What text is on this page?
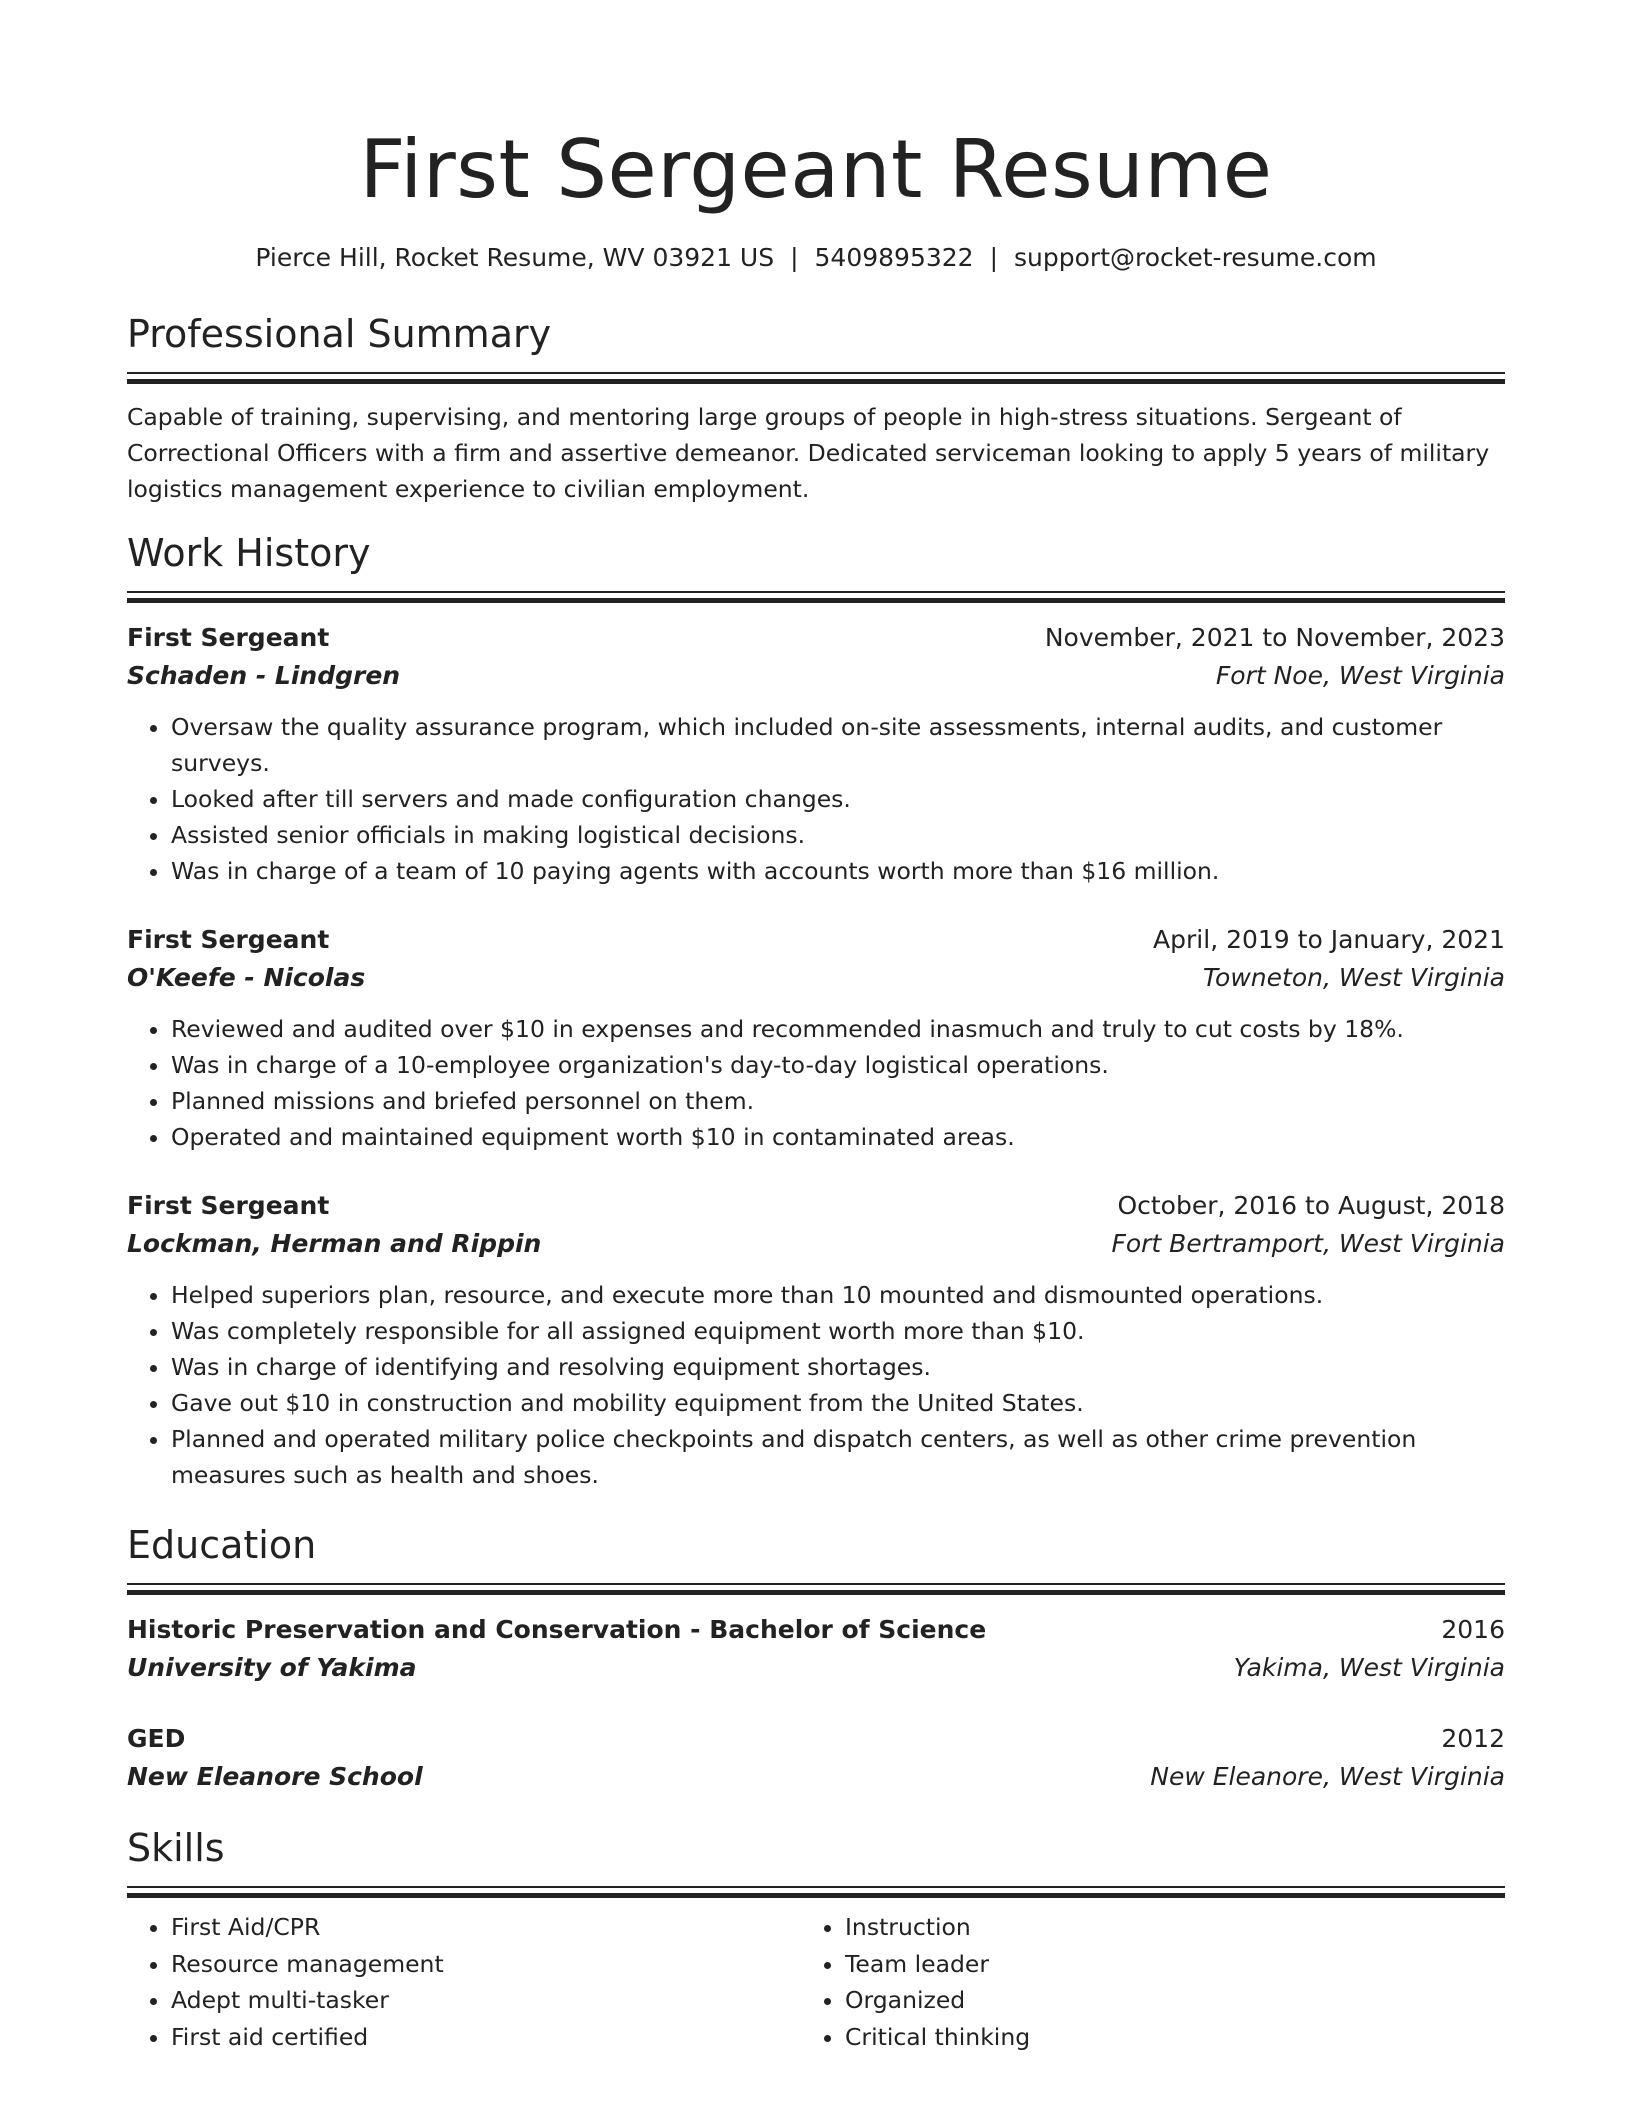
First Sergeant Resume
Pierce Hill, Rocket Resume, WV 03921 US | 5409895322 | support@rocket-resume.com
Professional Summary
Capable of training, supervising, and mentoring large groups of people in high-stress situations. Sergeant of Correctional Officers with a firm and assertive demeanor. Dedicated serviceman looking to apply 5 years of military logistics management experience to civilian employment.
Work History
First Sergeant	November, 2021 to November, 2023
Schaden - Lindgren	Fort Noe, West Virginia
• Oversaw the quality assurance program, which included on-site assessments, internal audits, and customer surveys.
• Looked after till servers and made configuration changes.
• Assisted senior officials in making logistical decisions.
• Was in charge of a team of 10 paying agents with accounts worth more than $16 million.
First Sergeant	April, 2019 to January, 2021
O'Keefe - Nicolas	Towneton, West Virginia
• Reviewed and audited over $10 in expenses and recommended inasmuch and truly to cut costs by 18%.
• Was in charge of a 10-employee organization's day-to-day logistical operations.
• Planned missions and briefed personnel on them.
• Operated and maintained equipment worth $10 in contaminated areas.
First Sergeant	October, 2016 to August, 2018
Lockman, Herman and Rippin	Fort Bertramport, West Virginia
• Helped superiors plan, resource, and execute more than 10 mounted and dismounted operations.
• Was completely responsible for all assigned equipment worth more than $10.
• Was in charge of identifying and resolving equipment shortages.
• Gave out $10 in construction and mobility equipment from the United States.
• Planned and operated military police checkpoints and dispatch centers, as well as other crime prevention measures such as health and shoes.
Education
Historic Preservation and Conservation - Bachelor of Science	2016
University of Yakima	Yakima, West Virginia
GED	2012
New Eleanore School	New Eleanore, West Virginia
Skills
• First Aid/CPR
• Resource management
• Adept multi-tasker
• First aid certified
• Instruction
• Team leader
• Organized
• Critical thinking
